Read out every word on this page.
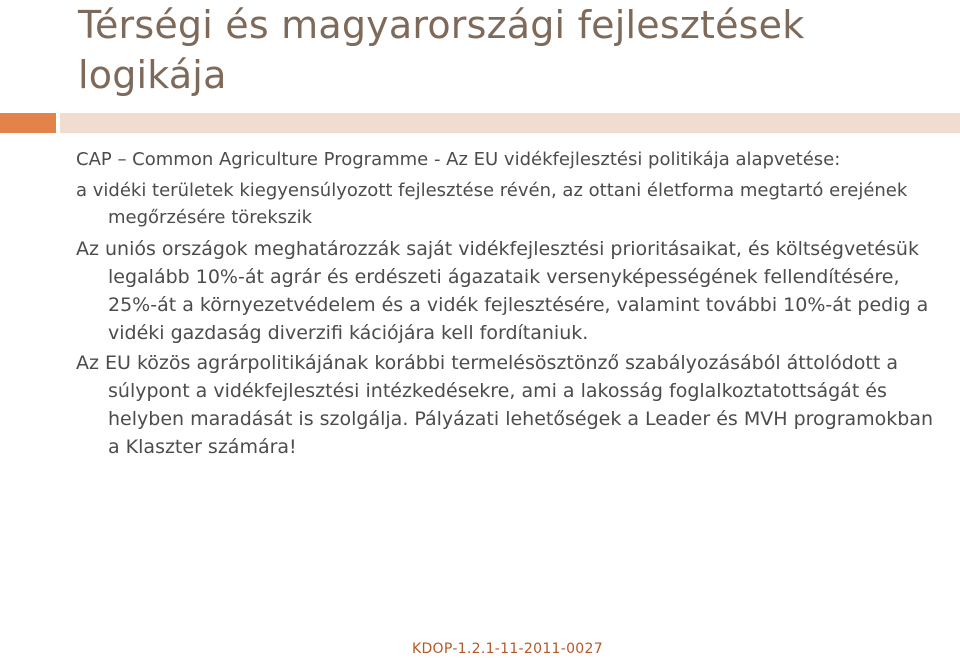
Térségi és magyarországi fejlesztések logikája

CAP – Common Agriculture Programme - Az EU vidékfejlesztési politikája alapvetése:

a vidéki területek kiegyensúlyozott fejlesztése révén, az ottani életforma megtartó erejének megőrzésére törekszik

Az uniós országok meghatározzák saját vidékfejlesztési prioritásaikat, és költségvetésük legalább 10%-át agrár és erdészeti ágazataik versenyképességének fellendítésére, 25%-át a környezetvédelem és a vidék fejlesztésére, valamint további 10%-át pedig a vidéki gazdaság diverzifi kációjára kell fordítaniuk.

Az EU közös agrárpolitikájának korábbi termelésösztönző szabályozásából áttolódott a súlypont a vidékfejlesztési intézkedésekre, ami a lakosság foglalkoztatottságát és helyben maradását is szolgálja. Pályázati lehetőségek a Leader és MVH programokban a Klaszter számára!

KDOP-1.2.1-11-2011-0027
